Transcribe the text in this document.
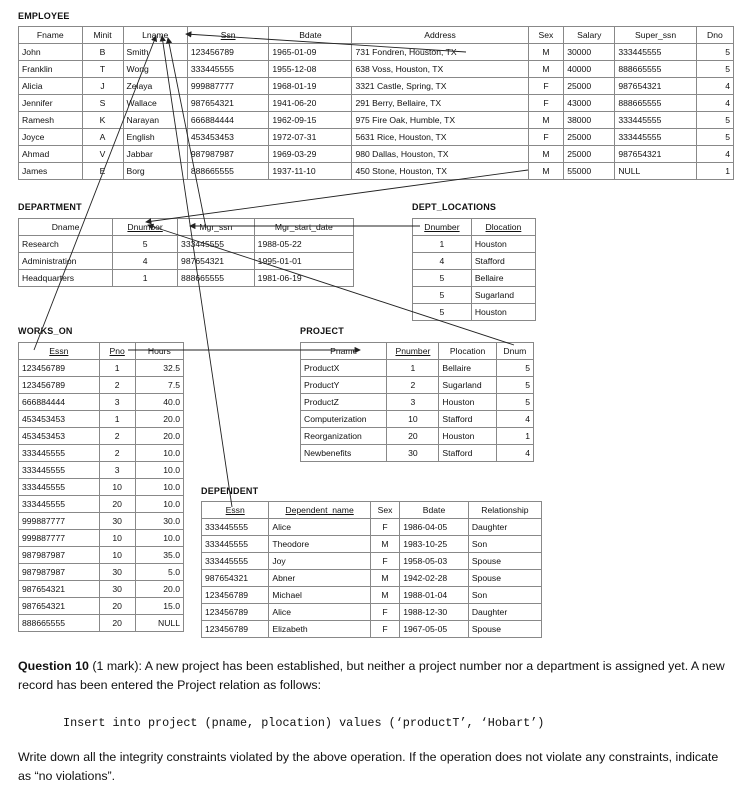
EMPLOYEE
Fname	Minit	Lname	Ssn	Bdate	Address	Sex	Salary	Super_ssn	Dno
John	B	Smith	123456789	1965-01-09	731 Fondren, Houston, TX	M	30000	333445555	5
Franklin	T	Wong	333445555	1955-12-08	638 Voss, Houston, TX	M	40000	888665555	5
Alicia	J	Zelaya	999887777	1968-01-19	3321 Castle, Spring, TX	F	25000	987654321	4
Jennifer	S	Wallace	987654321	1941-06-20	291 Berry, Bellaire, TX	F	43000	888665555	4
Ramesh	K	Narayan	666884444	1962-09-15	975 Fire Oak, Humble, TX	M	38000	333445555	5
Joyce	A	English	453453453	1972-07-31	5631 Rice, Houston, TX	F	25000	333445555	5
Ahmad	V	Jabbar	987987987	1969-03-29	980 Dallas, Houston, TX	M	25000	987654321	4
James	E	Borg	888665555	1937-11-10	450 Stone, Houston, TX	M	55000	NULL	1
DEPARTMENT
Dname	Dnumber	Mgr_ssn	Mgr_start_date
Research	5	333445555	1988-05-22
Administration	4	987654321	1995-01-01
Headquarters	1	888665555	1981-06-19
DEPT_LOCATIONS
Dnumber	Dlocation
1	Houston
4	Stafford
5	Bellaire
5	Sugarland
5	Houston
WORKS_ON
Essn	Pno	Hours
123456789	1	32.5
123456789	2	7.5
666884444	3	40.0
453453453	1	20.0
453453453	2	20.0
333445555	2	10.0
333445555	3	10.0
333445555	10	10.0
333445555	20	10.0
999887777	30	30.0
999887777	10	10.0
987987987	10	35.0
987987987	30	5.0
987654321	30	20.0
987654321	20	15.0
888665555	20	NULL
PROJECT
Pname	Pnumber	Plocation	Dnum
ProductX	1	Bellaire	5
ProductY	2	Sugarland	5
ProductZ	3	Houston	5
Computerization	10	Stafford	4
Reorganization	20	Houston	1
Newbenefits	30	Stafford	4
DEPENDENT
Essn	Dependent_name	Sex	Bdate	Relationship
333445555	Alice	F	1986-04-05	Daughter
333445555	Theodore	M	1983-10-25	Son
333445555	Joy	F	1958-05-03	Spouse
987654321	Abner	M	1942-02-28	Spouse
123456789	Michael	M	1988-01-04	Son
123456789	Alice	F	1988-12-30	Daughter
123456789	Elizabeth	F	1967-05-05	Spouse
Question 10 (1 mark): A new project has been established, but neither a project number nor a department is assigned yet. A new record has been entered the Project relation as follows:
Insert into project (pname, plocation) values (‘productT’, ‘Hobart’)
Write down all the integrity constraints violated by the above operation. If the operation does not violate any constraints, indicate as “no violations”.
